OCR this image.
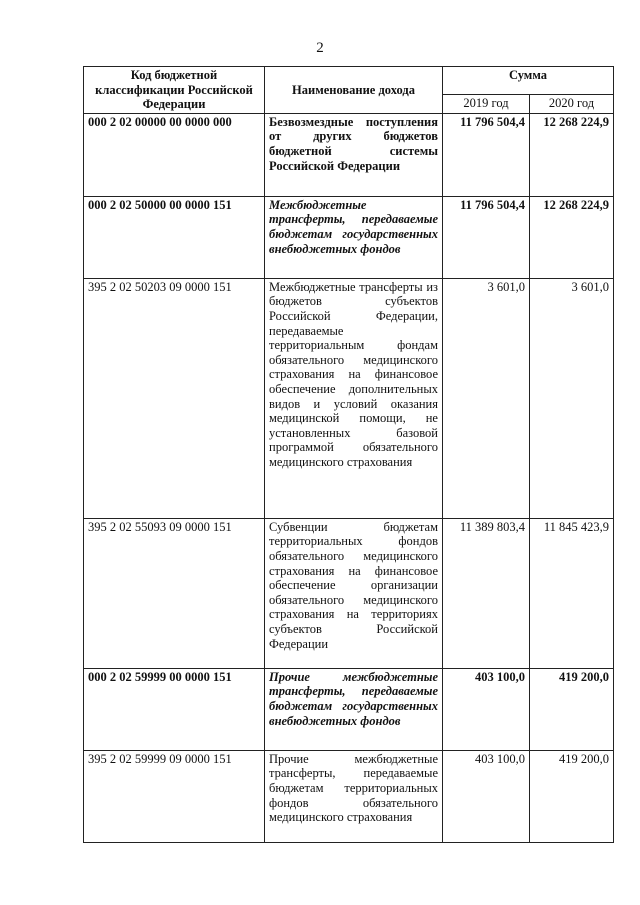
2
Код бюджетной классификации Российской Федерации	Наименование дохода	Сумма	
		2019 год	2020 год
000 2 02 00000 00 0000 000	Безвозмездные поступления от других бюджетов бюджетной системы Российской Федерации	11 796 504,4	12 268 224,9
000 2 02 50000 00 0000 151	Межбюджетные трансферты, передаваемые бюджетам государственных внебюджетных фондов	11 796 504,4	12 268 224,9
395 2 02 50203 09 0000 151	Межбюджетные трансферты из бюджетов субъектов Российской Федерации, передаваемые территориальным фондам обязательного медицинского страхования на финансовое обеспечение дополнительных видов и условий оказания медицинской помощи, не установленных базовой программой обязательного медицинского страхования	3 601,0	3 601,0
395 2 02 55093 09 0000 151	Субвенции бюджетам территориальных фондов обязательного медицинского страхования на финансовое обеспечение организации обязательного медицинского страхования на территориях субъектов Российской Федерации	11 389 803,4	11 845 423,9
000 2 02 59999 00 0000 151	Прочие межбюджетные трансферты, передаваемые бюджетам государственных внебюджетных фондов	403 100,0	419 200,0
395 2 02 59999 09 0000 151	Прочие межбюджетные трансферты, передаваемые бюджетам территориальных фондов обязательного медицинского страхования	403 100,0	419 200,0
